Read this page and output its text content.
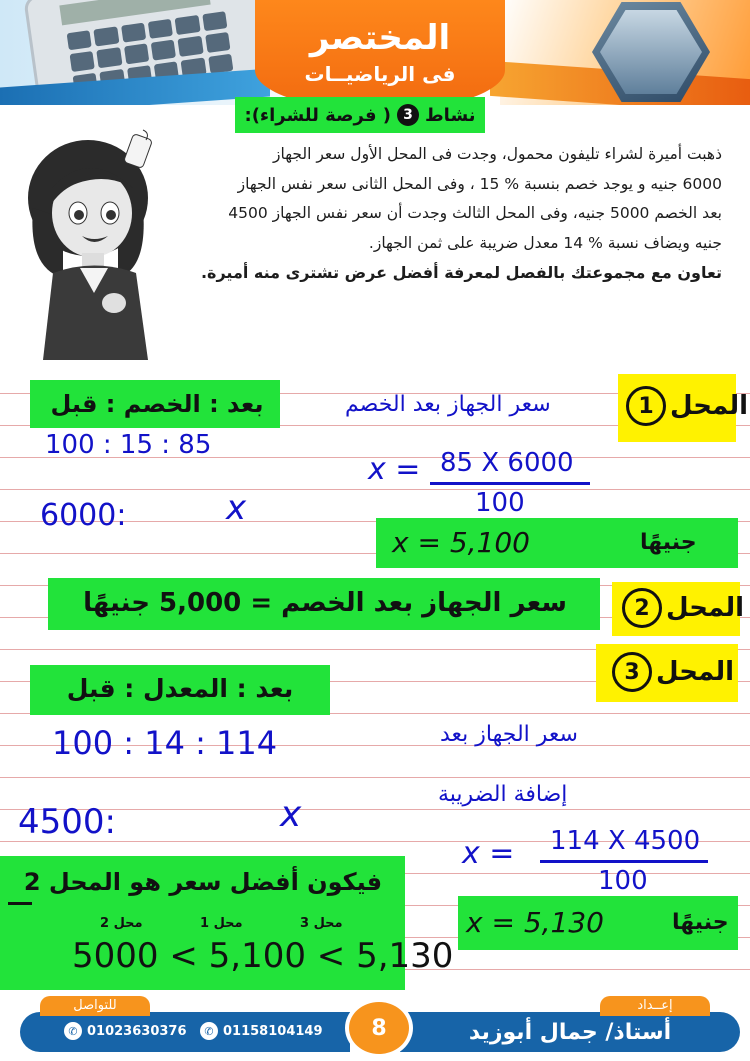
المختصر
فى الرياضيــات
نشاط
3
( فرصة للشراء):
ذهبت أميرة لشراء تليفون محمول، وجدت فى المحل الأول سعر الجهاز
6000 جنيه و يوجد خصم بنسبة % 15 ، وفى المحل الثانى سعر نفس الجهاز
بعد الخصم 5000 جنيه، وفى المحل الثالث وجدت أن سعر نفس الجهاز 4500
جنيه ويضاف نسبة % 14 معدل ضريبة على ثمن الجهاز.
تعاون مع مجموعتك بالفصل لمعرفة أفضل عرض تشترى منه أميرة.
المحل
1
بعد : الخصم : قبل
100 : 15 : 85
6000:	x
سعر الجهاز بعد الخصم
x = 85 X 6000
100
x = 5,100	جنيهًا
سعر الجهاز بعد الخصم = 5,000 جنيهًا	المحل
2
المحل
3
بعد : المعدل : قبل
100 : 14 : 114
4500:	x
سعر الجهاز بعد
إضافة الضريبة
x = 114 X 4500
100
x = 5,130	جنيهًا
فيكون أفضل سعر هو المحل 2
محل 2	محل 1	محل 3
5000 < 5,100 < 5,130
للتواصل
✆ 01023630376	✆ 01158104149
إعــداد
أستاذ/ جمال أبوزيد
8
